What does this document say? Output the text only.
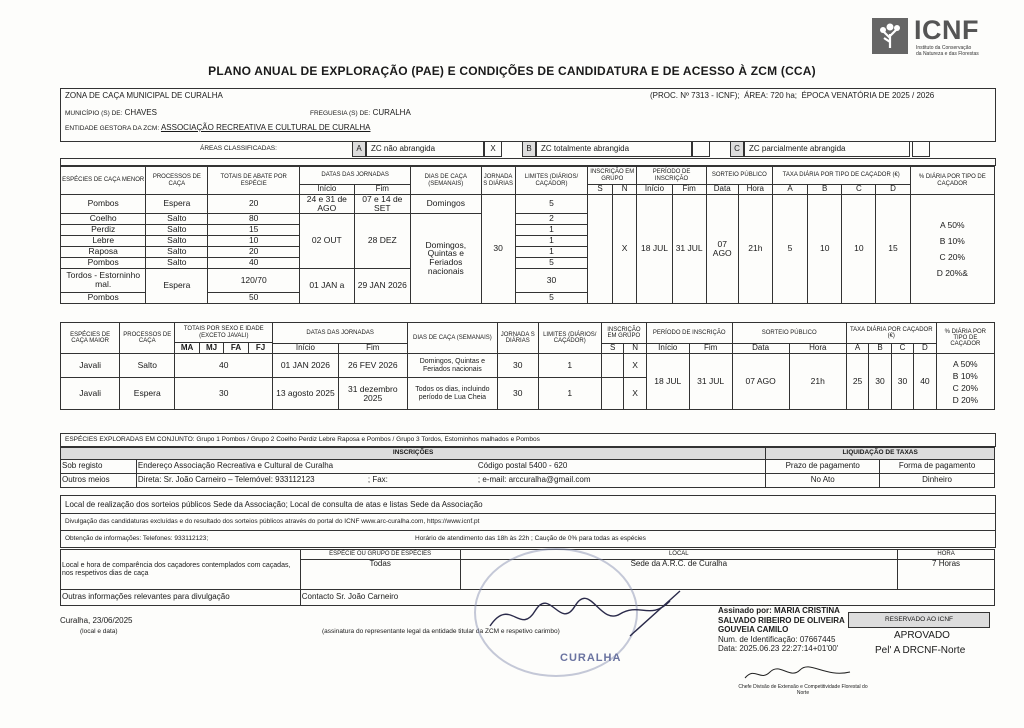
ICNF
Instituto da Conservação
da Natureza e das Florestas
PLANO ANUAL DE EXPLORAÇÃO (PAE) E CONDIÇÕES DE CANDIDATURA E DE ACESSO À ZCM (CCA)
ZONA DE CAÇA MUNICIPAL DE CURALHA	(PROC. Nº 7313 - ICNF); ÁREA: 720 ha; ÉPOCA VENATÓRIA DE 2025 / 2026
MUNICÍPIO (S) DE: CHAVES	FREGUESIA (S) DE: CURALHA
ENTIDADE GESTORA DA ZCM: ASSOCIAÇÃO RECREATIVA E CULTURAL DE CURALHA
ÁREAS CLASSIFICADAS:	A	ZC não abrangida	X	B	ZC totalmente abrangida	C	ZC parcialmente abrangida
ESPÉCIES DE CAÇA MENOR	PROCESSOS DE CAÇA	TOTAIS DE ABATE POR ESPÉCIE	DATAS DAS JORNADAS		DIAS DE CAÇA (SEMANAIS)	JORNADA S DIÁRIAS	LIMITES (DIÁRIOS/ CAÇADOR)	INSCRIÇÃO EM GRUPO		PERÍODO DE INSCRIÇÃO		SORTEIO PÚBLICO		TAXA DIÁRIA POR TIPO DE CAÇADOR (€)				% DIÁRIA POR TIPO DE CAÇADOR
			Início	Fim				S	N	Início	Fim	Data	Hora	A	B	C	D	
Pombos	Espera	20	24 e 31 de AGO	07 e 14 de SET	Domingos	30	5		X	18 JUL	31 JUL	07 AGO	21h	5	10	10	15	A 50%
B 10%
C 20%
D 20%&

Coelho	Salto	80	02 OUT	28 DEZ	Domingos, Quintas e Feriados nacionais		2											
Perdiz	Salto	15					1											
Lebre	Salto	10					1											
Raposa	Salto	20					1											
Pombos	Salto	40					5											
Tordos - Estorninho mal.	Espera	120/70	01 JAN a	29 JAN 2026			30											
Pombos		50					5											
ESPÉCIES DE CAÇA MAIOR	PROCESSOS DE CAÇA	TOTAIS POR SEXO E IDADE (EXCETO JAVALI)				DATAS DAS JORNADAS		DIAS DE CAÇA (SEMANAIS)	JORNADA S DIÁRIAS	LIMITES (DIÁRIOS/ CAÇADOR)	INSCRIÇÃO EM GRUPO		PERÍODO DE INSCRIÇÃO		SORTEIO PÚBLICO		TAXA DIÁRIA POR CAÇADOR (€)				% DIÁRIA POR TIPO DE CAÇADOR
		MA	MJ	FA	FJ																
						Início	Fim				S	N	Início	Fim	Data	Hora	A	B	C	D	
Javali	Salto	40				01 JAN 2026	26 FEV 2026	Domingos, Quintas e Feriados nacionais	30	1		X	18 JUL	31 JUL	07 AGO	21h	25	30	30	40	A 50%
B 10%
C 20%
D 20%

Javali	Espera	30				13 agosto 2025	31 dezembro 2025	Todos os dias, incluindo período de Lua Cheia	30	1		X									
ESPÉCIES EXPLORADAS EM CONJUNTO: Grupo 1 Pombos / Grupo 2 Coelho Perdiz Lebre Raposa e Pombos / Grupo 3 Tordos, Estorninhos malhados e Pombos
INSCRIÇÕES		LIQUIDAÇÃO DE TAXAS	
Sob registo	Endereço Associação Recreativa e Cultural de Curalha Código postal 5400 - 620	Prazo de pagamento	Forma de pagamento
Outros meios	Direta: Sr. João Carneiro – Telemóvel: 933112123 ; Fax: ; e-mail: arccuralha@gmail.com	No Ato	Dinheiro
Local de realização dos sorteios públicos Sede da Associação; Local de consulta de atas e listas Sede da Associação
Divulgação das candidaturas excluídas e do resultado dos sorteios públicos através do portal do ICNF www.arc-curalha.com, https://www.icnf.pt
Obtenção de informações: Telefones: 933112123;	Horário de atendimento das 18h às 22h ; Caução de 0% para todas as espécies
Local e hora de comparência dos caçadores contemplados com caçadas, nos respetivos dias de caça	ESPÉCIE OU GRUPO DE ESPÉCIES	LOCAL	HORA
	Todas	Sede da A.R.C. de Curalha	7 Horas
Outras informações relevantes para divulgação	Contacto Sr. João Carneiro		
RESERVADO AO ICNF
Curalha, 23/06/2025
(local e data)	(assinatura do representante legal da entidade titular da ZCM e respetivo carimbo)
CURALHA
Assinado por: MARIA CRISTINA SALVADO RIBEIRO DE OLIVEIRA GOUVEIA CAMILO
Num. de Identificação: 07667445
Data: 2025.06.23 22:27:14+01'00'
APROVADO
Pel' A DRCNF-Norte
Chefe Divisão de Extensão e Competitividade Florestal do Norte
